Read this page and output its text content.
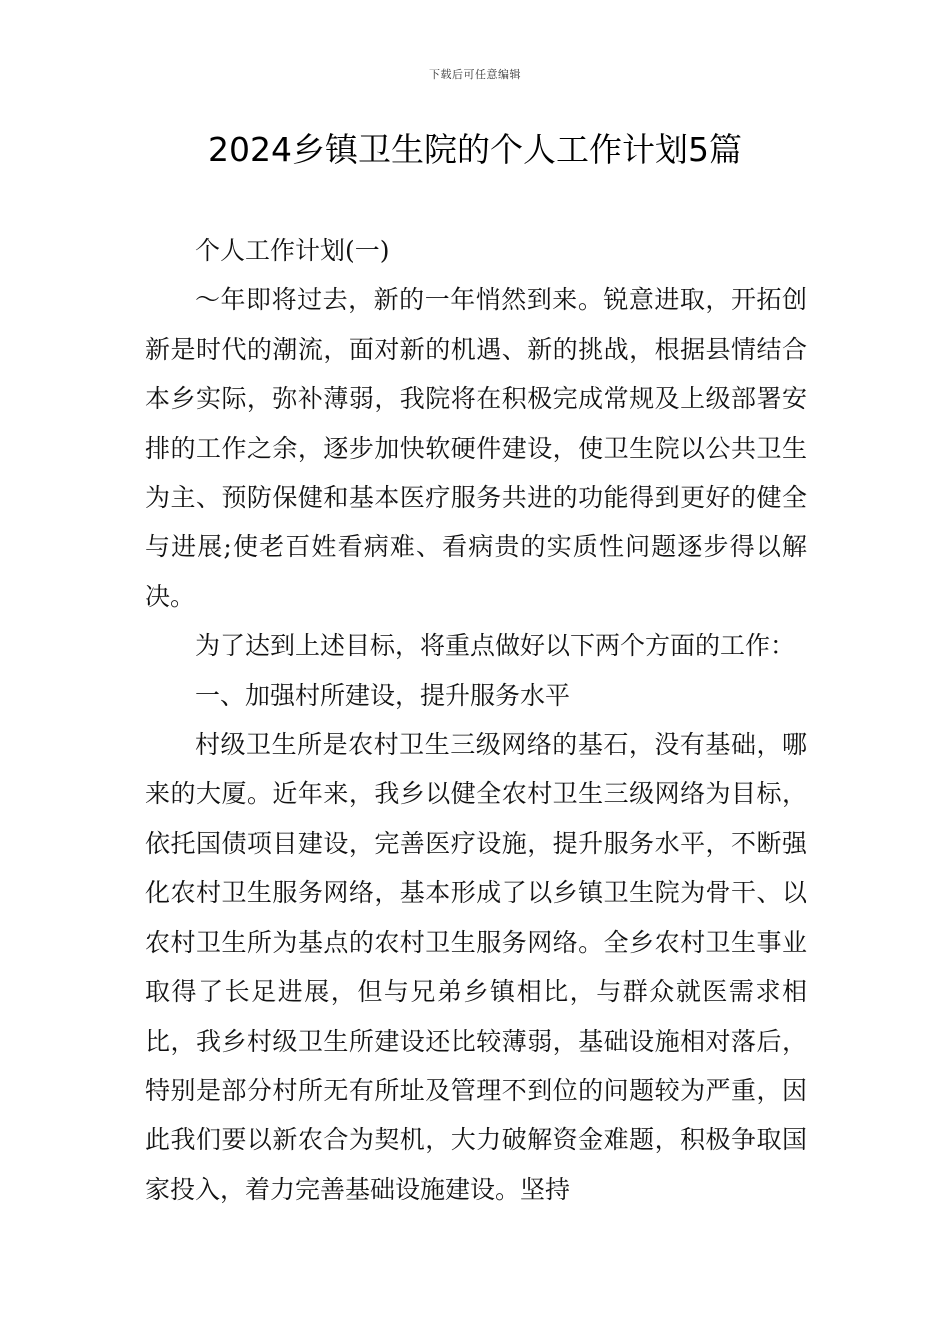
下载后可任意编辑
2024乡镇卫生院的个人工作计划5篇

个人工作计划(一)

～年即将过去，新的一年悄然到来。锐意进取，开拓创新是时代的潮流，面对新的机遇、新的挑战，根据县情结合本乡实际，弥补薄弱，我院将在积极完成常规及上级部署安排的工作之余，逐步加快软硬件建设，使卫生院以公共卫生为主、预防保健和基本医疗服务共进的功能得到更好的健全与进展;使老百姓看病难、看病贵的实质性问题逐步得以解决。

为了达到上述目标，将重点做好以下两个方面的工作：

一、加强村所建设，提升服务水平

村级卫生所是农村卫生三级网络的基石，没有基础，哪来的大厦。近年来，我乡以健全农村卫生三级网络为目标，依托国债项目建设，完善医疗设施，提升服务水平，不断强化农村卫生服务网络，基本形成了以乡镇卫生院为骨干、以农村卫生所为基点的农村卫生服务网络。全乡农村卫生事业取得了长足进展，但与兄弟乡镇相比，与群众就医需求相比，我乡村级卫生所建设还比较薄弱，基础设施相对落后，特别是部分村所无有所址及管理不到位的问题较为严重，因此我们要以新农合为契机，大力破解资金难题，积极争取国家投入，着力完善基础设施建设。坚持
